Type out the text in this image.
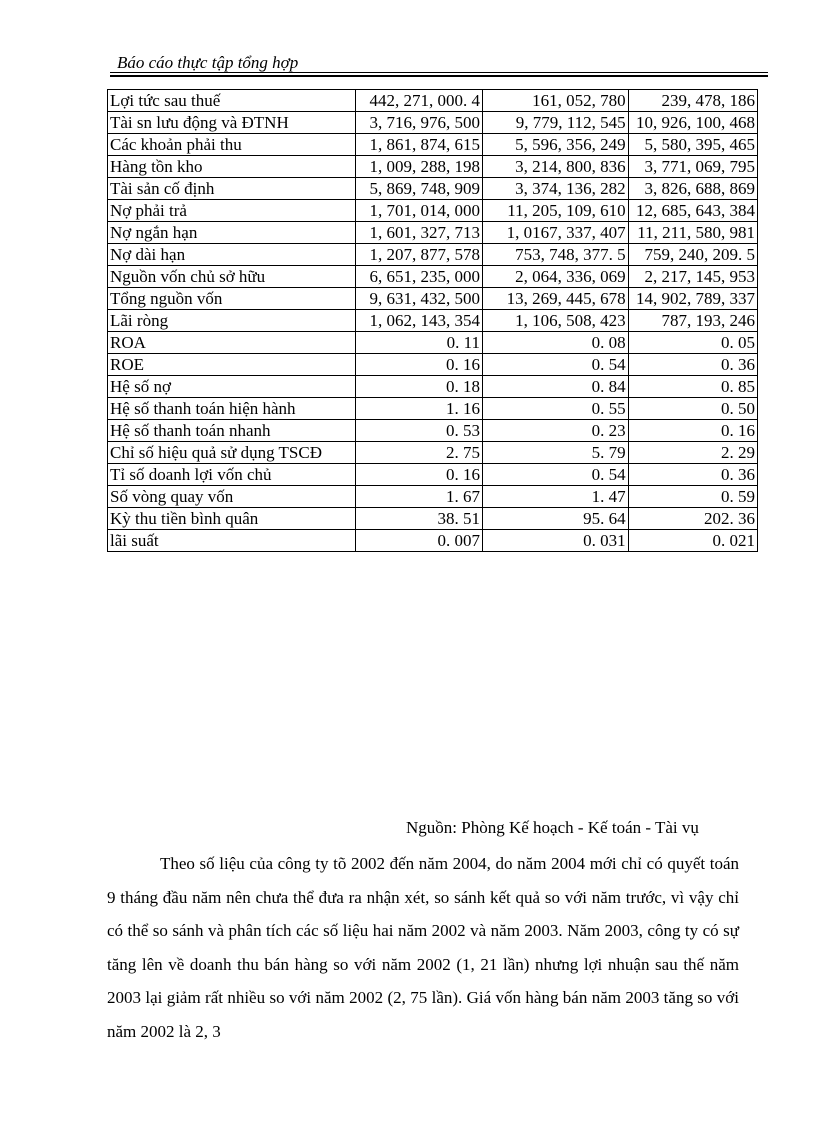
Báo cáo thực tập tổng hợp
Lợi tức sau thuế	442, 271, 000. 4	161, 052, 780	239, 478, 186
Tài sn lưu động và ĐTNH	3, 716, 976, 500	9, 779, 112, 545	10, 926, 100, 468
Các khoản phải thu	1, 861, 874, 615	5, 596, 356, 249	5, 580, 395, 465
Hàng tồn kho	1, 009, 288, 198	3, 214, 800, 836	3, 771, 069, 795
Tài sản cố định	5, 869, 748, 909	3, 374, 136, 282	3, 826, 688, 869
Nợ phải trả	1, 701, 014, 000	11, 205, 109, 610	12, 685, 643, 384
Nợ ngắn hạn	1, 601, 327, 713	1, 0167, 337, 407	11, 211, 580, 981
Nợ dài hạn	1, 207, 877, 578	753, 748, 377. 5	759, 240, 209. 5
Nguồn vốn chủ sở hữu	6, 651, 235, 000	2, 064, 336, 069	2, 217, 145, 953
Tổng nguồn vốn	9, 631, 432, 500	13, 269, 445, 678	14, 902, 789, 337
Lãi ròng	1, 062, 143, 354	1, 106, 508, 423	787, 193, 246
ROA	0. 11	0. 08	0. 05
ROE	0. 16	0. 54	0. 36
Hệ số nợ	0. 18	0. 84	0. 85
Hệ số thanh toán hiện hành	1. 16	0. 55	0. 50
Hệ số thanh toán nhanh	0. 53	0. 23	0. 16
Chỉ số hiệu quả sử dụng TSCĐ	2. 75	5. 79	2. 29
Tỉ số doanh lợi vốn chủ	0. 16	0. 54	0. 36
Số vòng quay vốn	1. 67	1. 47	0. 59
Kỳ thu tiền bình quân	38. 51	95. 64	202. 36
lãi suất	0. 007	0. 031	0. 021
Nguồn: Phòng Kế hoạch - Kế toán - Tài vụ
Theo số liệu của công ty tõ 2002 đến năm 2004, do năm 2004 mới chỉ có quyết toán 9 tháng đầu năm nên chưa thể đưa ra nhận xét, so sánh kết quả so với năm trước, vì vậy chỉ có thể so sánh và phân tích các số liệu hai năm 2002 và năm 2003. Năm 2003, công ty có sự tăng lên về doanh thu bán hàng so với năm 2002 (1, 21 lần) nhưng lợi nhuận sau thế năm 2003 lại giảm rất nhiều so với năm 2002 (2, 75 lần). Giá vốn hàng bán năm 2003 tăng so với năm 2002 là 2, 3
